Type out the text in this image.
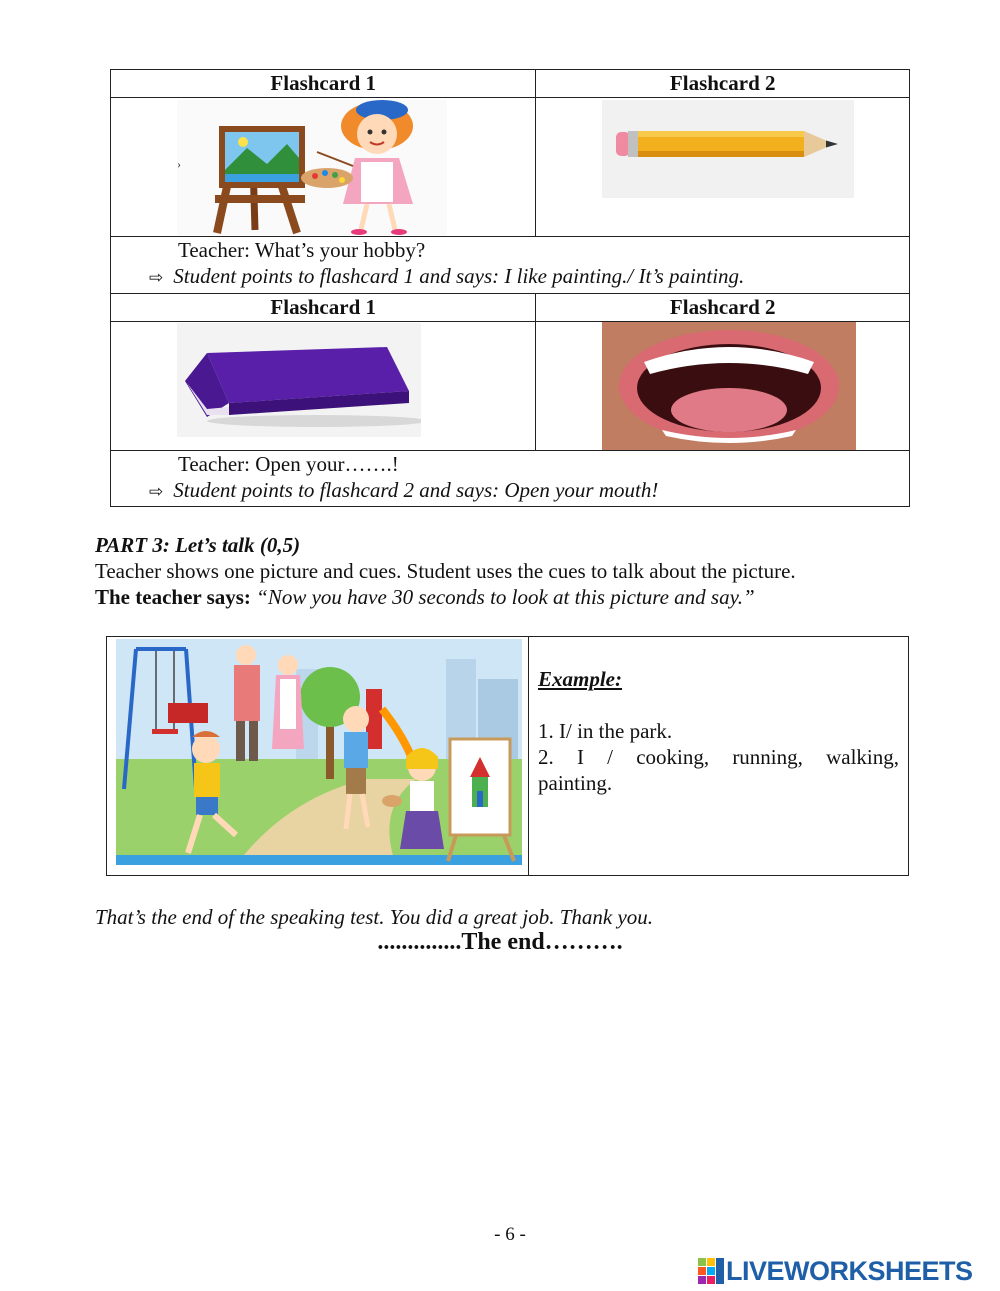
Flashcard 1	Flashcard 2

›

Teacher: What’s your hobby?
⇨ Student points to flashcard 1 and says: I like painting./ It’s painting.	

Flashcard 1	Flashcard 2

Teacher: Open your…….!
⇨ Student points to flashcard 2 and says: Open your mouth!	
PART 3: Let’s talk (0,5)
Teacher shows one picture and cues. Student uses the cues to talk about the picture.
The teacher says: “Now you have 30 seconds to look at this picture and say.”
Example:
1. I/ in the park.
2. I / cooking, running, walking,
painting.
That’s the end of the speaking test. You did a great job. Thank you.
..............The end……….
- 6 -
LIVEWORKSHEETS
